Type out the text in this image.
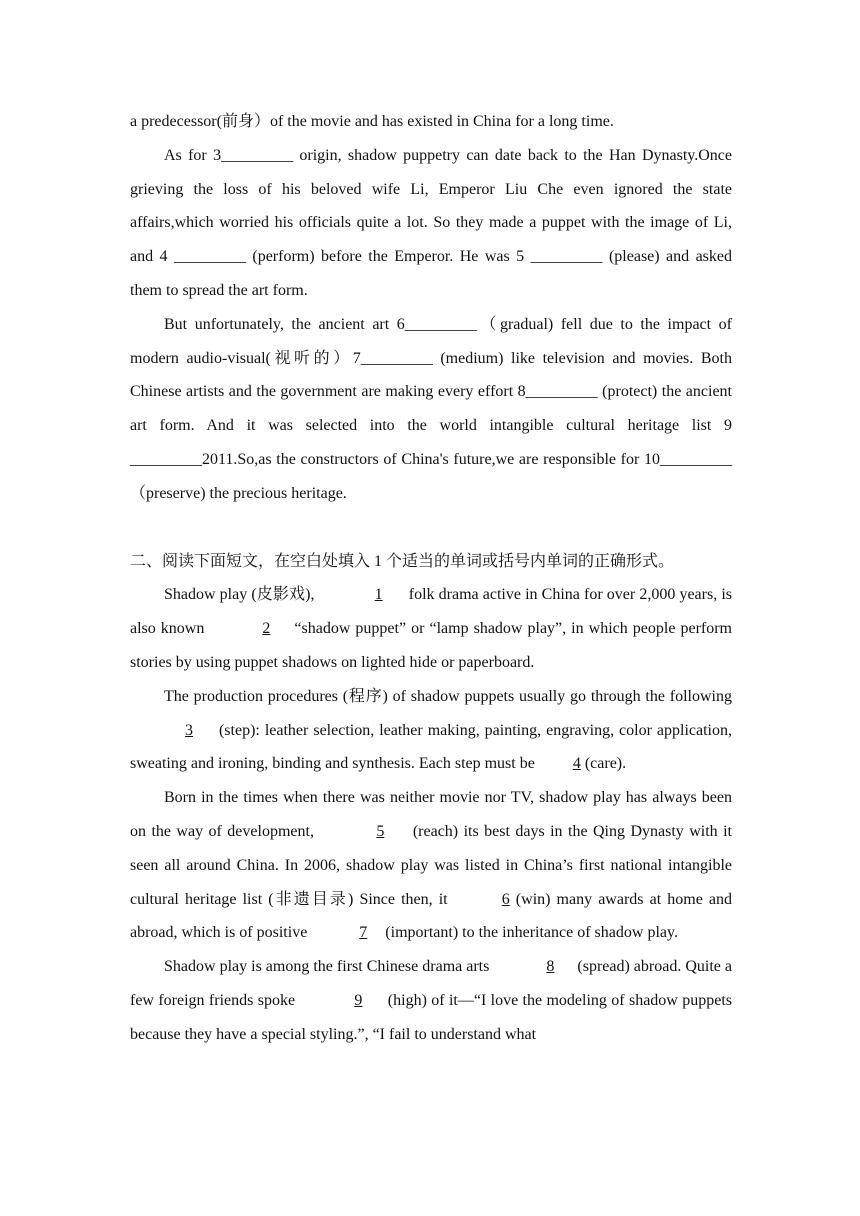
a predecessor(前身）of the movie and has existed in China for a long time.

As for 3_________ origin, shadow puppetry can date back to the Han Dynasty.Once grieving the loss of his beloved wife Li, Emperor Liu Che even ignored the state affairs,which worried his officials quite a lot. So they made a puppet with the image of Li, and 4 _________ (perform) before the Emperor. He was 5 _________ (please) and asked them to spread the art form.

But unfortunately, the ancient art 6_________（gradual) fell due to the impact of modern audio-visual(视听的）7_________ (medium) like television and movies. Both Chinese artists and the government are making every effort 8_________ (protect) the ancient art form. And it was selected into the world intangible cultural heritage list 9 _________2011.So,as the constructors of China's future,we are responsible for 10_________（preserve) the precious heritage.

二、阅读下面短文，在空白处填入 1 个适当的单词或括号内单词的正确形式。

Shadow play (皮影戏),	1 folk drama active in China for over 2,000 years, is also known	2 “shadow puppet” or “lamp shadow play”, in which people perform stories by using puppet shadows on lighted hide or paperboard.

The production procedures (程序) of shadow puppets usually go through the following 3 (step): leather selection, leather making, painting, engraving, color application, sweating and ironing, binding and synthesis. Each step must be 4 (care).

Born in the times when there was neither movie nor TV, shadow play has always been on the way of development,	5 (reach) its best days in the Qing Dynasty with it seen all around China. In 2006, shadow play was listed in China’s first national intangible cultural heritage list (非遗目录) Since then, it	6 (win) many awards at home and abroad, which is of positive	7 (important) to the inheritance of shadow play.

Shadow play is among the first Chinese drama arts	8 (spread) abroad. Quite a few foreign friends spoke	9 (high) of it—“I love the modeling of shadow puppets because they have a special styling.”, “I fail to understand what
